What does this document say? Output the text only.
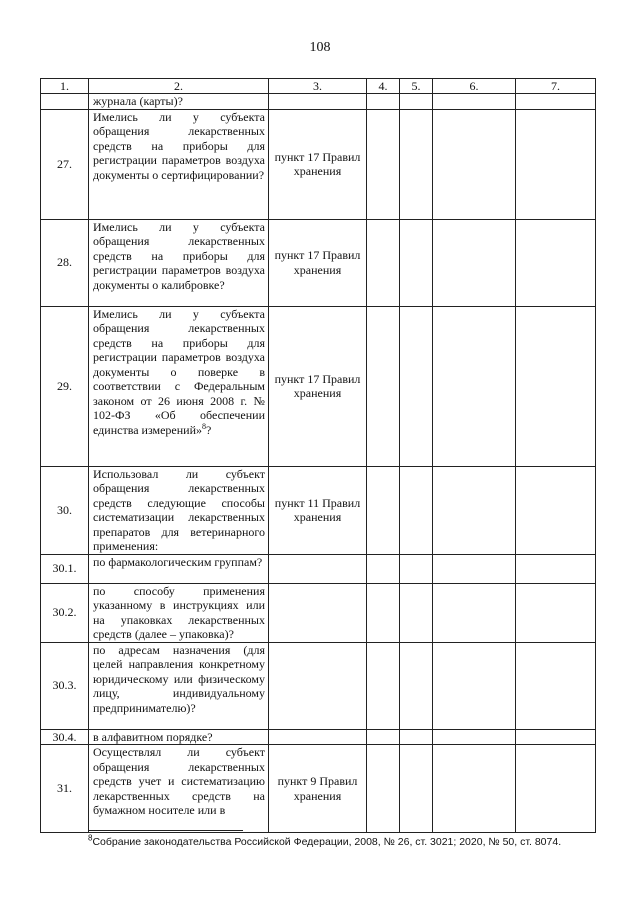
108
1.	2.	3.	4.	5.	6.	7.
	журнала (карты)?					
27.	Имелись ли у субъекта обращения лекарственных средств на приборы для регистрации параметров воздуха документы о сертифицировании?	пункт 17 Правил хранения				
28.	Имелись ли у субъекта обращения лекарственных средств на приборы для регистрации параметров воздуха документы о калибровке?	пункт 17 Правил хранения				
29.	Имелись ли у субъекта обращения лекарственных средств на приборы для регистрации параметров воздуха документы о поверке в соответствии с Федеральным законом от 26 июня 2008 г. № 102-ФЗ «Об обеспечении единства измерений»$^8$?	пункт 17 Правил хранения				
30.	Использовал ли субъект обращения лекарственных средств следующие способы систематизации лекарственных препаратов для ветеринарного применения:	пункт 11 Правил хранения				
30.1.	по фармакологическим группам?					
30.2.	по способу применения указанному в инструкциях или на упаковках лекарственных средств (далее – упаковка)?					
30.3.	по адресам назначения (для целей направления конкретному юридическому или физическому лицу, индивидуальному предпринимателю)?					
30.4.	в алфавитном порядке?					
31.	Осуществлял ли субъект обращения лекарственных средств учет и систематизацию лекарственных средств на бумажном носителе или в	пункт 9 Правил хранения				
$^8$Собрание законодательства Российской Федерации, 2008, № 26, ст. 3021; 2020, № 50, ст. 8074.
